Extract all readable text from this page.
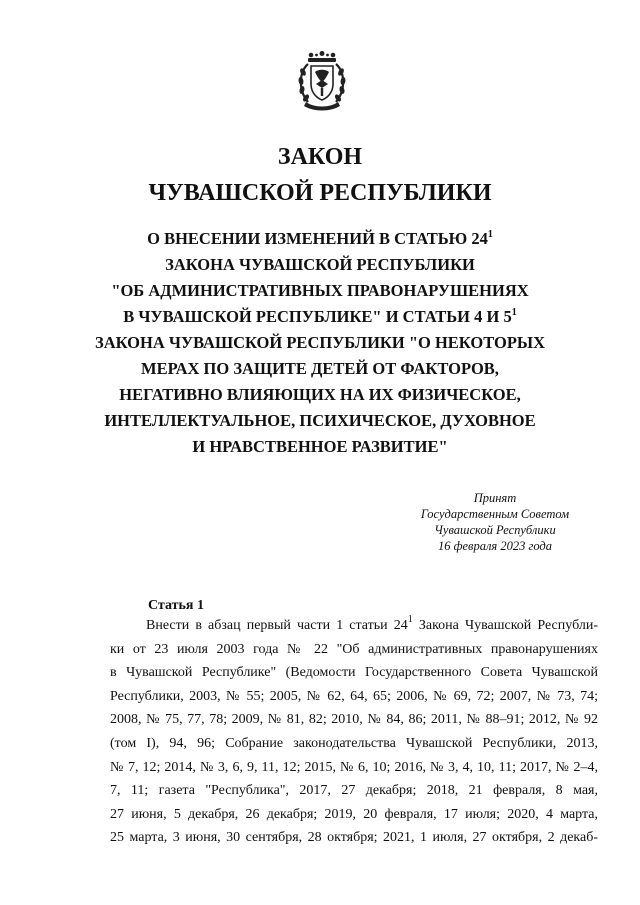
ЗАКОН
ЧУВАШСКОЙ РЕСПУБЛИКИ
О ВНЕСЕНИИ ИЗМЕНЕНИЙ В СТАТЬЮ $24^1$
ЗАКОНА ЧУВАШСКОЙ РЕСПУБЛИКИ
"ОБ АДМИНИСТРАТИВНЫХ ПРАВОНАРУШЕНИЯХ
В ЧУВАШСКОЙ РЕСПУБЛИКЕ" И СТАТЬИ 4 И $5^1$
ЗАКОНА ЧУВАШСКОЙ РЕСПУБЛИКИ "О НЕКОТОРЫХ
МЕРАХ ПО ЗАЩИТЕ ДЕТЕЙ ОТ ФАКТОРОВ,
НЕГАТИВНО ВЛИЯЮЩИХ НА ИХ ФИЗИЧЕСКОЕ,
ИНТЕЛЛЕКТУАЛЬНОЕ, ПСИХИЧЕСКОЕ, ДУХОВНОЕ
И НРАВСТВЕННОЕ РАЗВИТИЕ"
Принят
Государственным Советом
Чувашской Республики
16 февраля 2023 года
Статья 1
Внести в абзац первый части 1 статьи $24^1$ Закона Чувашской Республи-
ки от 23 июля 2003 года № 22 "Об административных правонарушениях
в Чувашской Республике" (Ведомости Государственного Совета Чувашской
Республики, 2003, № 55; 2005, № 62, 64, 65; 2006, № 69, 72; 2007, № 73, 74;
2008, № 75, 77, 78; 2009, № 81, 82; 2010, № 84, 86; 2011, № 88–91; 2012, № 92
(том I), 94, 96; Собрание законодательства Чувашской Республики, 2013,
№ 7, 12; 2014, № 3, 6, 9, 11, 12; 2015, № 6, 10; 2016, № 3, 4, 10, 11; 2017, № 2–4,
7, 11; газета "Республика", 2017, 27 декабря; 2018, 21 февраля, 8 мая,
27 июня, 5 декабря, 26 декабря; 2019, 20 февраля, 17 июля; 2020, 4 марта,
25 марта, 3 июня, 30 сентября, 28 октября; 2021, 1 июля, 27 октября, 2 декаб-
